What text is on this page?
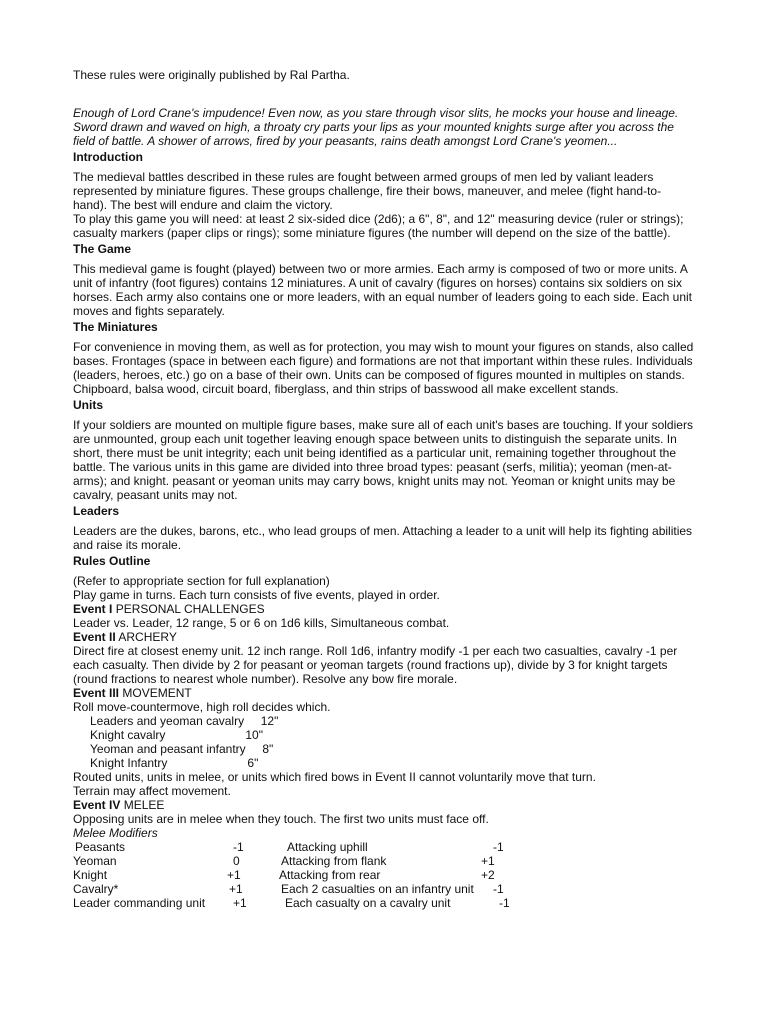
These rules were originally published by Ral Partha.

Enough of Lord Crane's impudence! Even now, as you stare through visor slits, he mocks your house and lineage. Sword drawn and waved on high, a throaty cry parts your lips as your mounted knights surge after you across the field of battle. A shower of arrows, fired by your peasants, rains death amongst Lord Crane's yeomen...

Introduction

The medieval battles described in these rules are fought between armed groups of men led by valiant leaders represented by miniature figures. These groups challenge, fire their bows, maneuver, and melee (fight hand-to-hand). The best will endure and claim the victory.

To play this game you will need: at least 2 six-sided dice (2d6); a 6", 8", and 12" measuring device (ruler or strings); casualty markers (paper clips or rings); some miniature figures (the number will depend on the size of the battle).

The Game

This medieval game is fought (played) between two or more armies. Each army is composed of two or more units. A unit of infantry (foot figures) contains 12 miniatures. A unit of cavalry (figures on horses) contains six soldiers on six horses. Each army also contains one or more leaders, with an equal number of leaders going to each side. Each unit moves and fights separately.

The Miniatures

For convenience in moving them, as well as for protection, you may wish to mount your figures on stands, also called bases. Frontages (space in between each figure) and formations are not that important within these rules. Individuals (leaders, heroes, etc.) go on a base of their own. Units can be composed of figures mounted in multiples on stands. Chipboard, balsa wood, circuit board, fiberglass, and thin strips of basswood all make excellent stands.

Units

If your soldiers are mounted on multiple figure bases, make sure all of each unit's bases are touching. If your soldiers are unmounted, group each unit together leaving enough space between units to distinguish the separate units. In short, there must be unit integrity; each unit being identified as a particular unit, remaining together throughout the battle. The various units in this game are divided into three broad types: peasant (serfs, militia); yeoman (men-at-arms); and knight. peasant or yeoman units may carry bows, knight units may not. Yeoman or knight units may be cavalry, peasant units may not.

Leaders

Leaders are the dukes, barons, etc., who lead groups of men. Attaching a leader to a unit will help its fighting abilities and raise its morale.

Rules Outline

(Refer to appropriate section for full explanation)

Play game in turns. Each turn consists of five events, played in order.

Event I PERSONAL CHALLENGES

Leader vs. Leader, 12 range, 5 or 6 on 1d6 kills, Simultaneous combat.

Event II ARCHERY

Direct fire at closest enemy unit. 12 inch range. Roll 1d6, infantry modify -1 per each two casualties, cavalry -1 per each casualty. Then divide by 2 for peasant or yeoman targets (round fractions up), divide by 3 for knight targets (round fractions to nearest whole number). Resolve any bow fire morale.

Event III MOVEMENT

Roll move-countermove, high roll decides which.

Leaders and yeoman cavalry     12"

Knight cavalry                        10"

Yeoman and peasant infantry     8"

Knight Infantry                        6"

Routed units, units in melee, or units which fired bows in Event II cannot voluntarily move that turn.

Terrain may affect movement.

Event IV MELEE

Opposing units are in melee when they touch. The first two units must face off.

Melee Modifiers

Peasants	-1	Attacking uphill	-1
Yeoman	0	Attacking from flank	+1
Knight	+1	Attacking from rear	+2
Cavalry*	+1	Each 2 casualties on an infantry unit -1
Leader commanding unit +1	Each casualty on a cavalry unit	-1
